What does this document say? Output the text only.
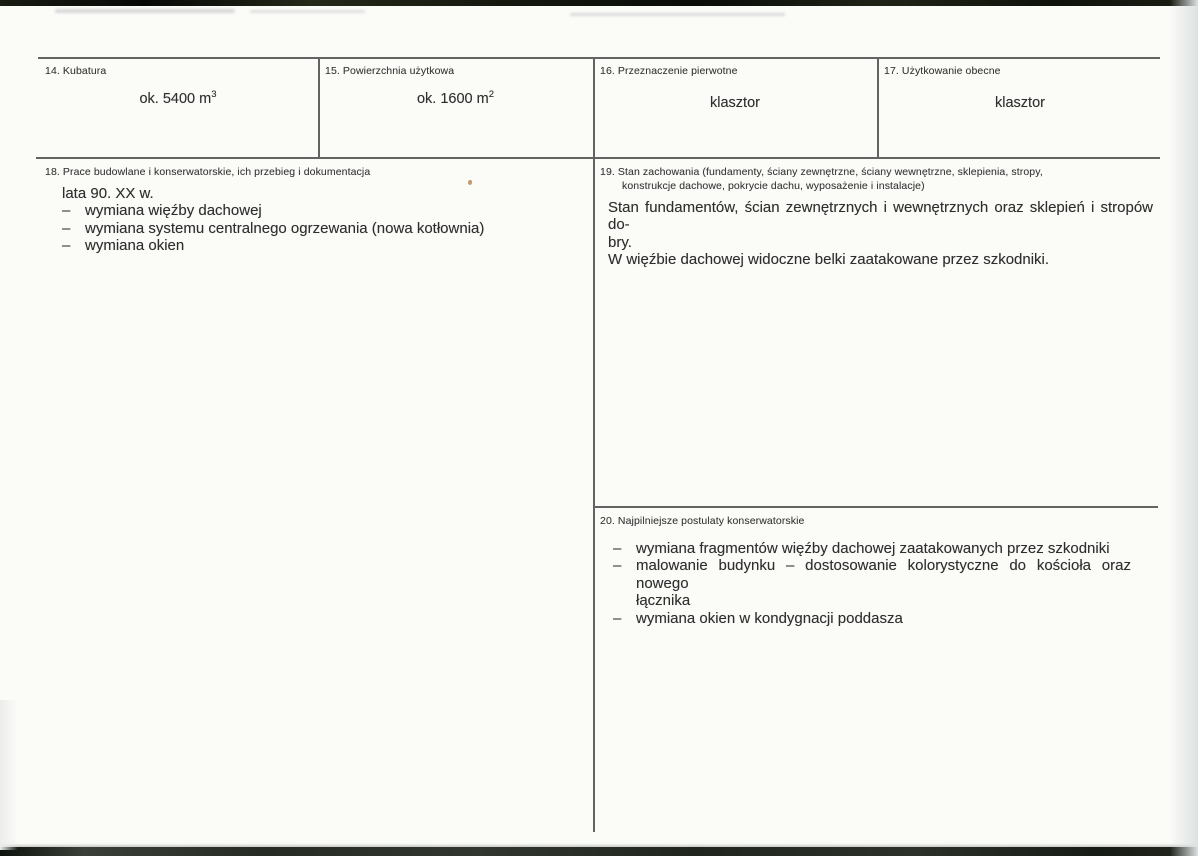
14. Kubatura
ok. 5400 $m^3$
15. Powierzchnia użytkowa
ok. 1600 $m^2$
16. Przeznaczenie pierwotne
klasztor
17. Użytkowanie obecne
klasztor
18. Prace budowlane i konserwatorskie, ich przebieg i dokumentacja
lata 90. XX w.
– wymiana więźby dachowej
– wymiana systemu centralnego ogrzewania (nowa kotłownia)
– wymiana okien
19. Stan zachowania (fundamenty, ściany zewnętrzne, ściany wewnętrzne, sklepienia, stropy,
konstrukcje dachowe, pokrycie dachu, wyposażenie i instalacje)
Stan fundamentów, ścian zewnętrznych i wewnętrznych oraz sklepień i stropów do-
bry.
W więźbie dachowej widoczne belki zaatakowane przez szkodniki.
20. Najpilniejsze postulaty konserwatorskie
– wymiana fragmentów więźby dachowej zaatakowanych przez szkodniki
– malowanie budynku – dostosowanie kolorystyczne do kościoła oraz nowego
łącznika
– wymiana okien w kondygnacji poddasza
